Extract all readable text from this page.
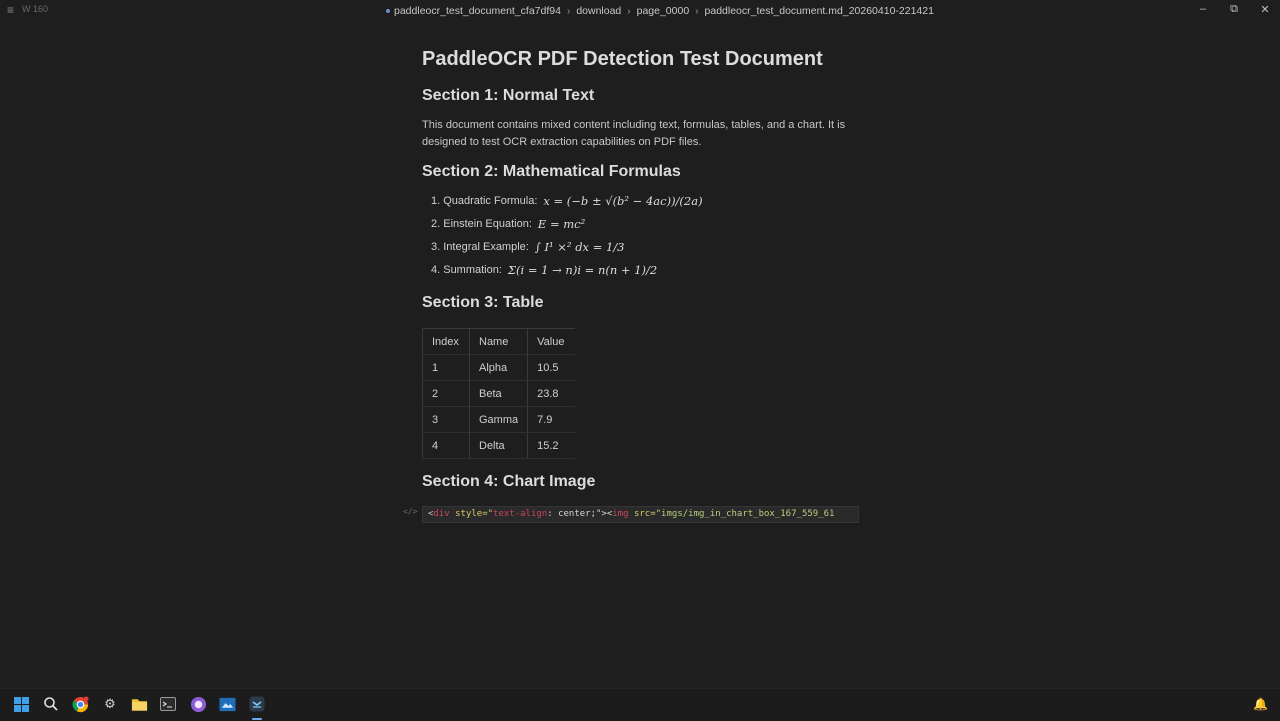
≡ W 160	paddleocr_test_document_cfa7df94 › download › page_0000 › paddleocr_test_document.md_20260410-221421	–	⧉	✕
PaddleOCR PDF Detection Test Document
Section 1: Normal Text
This document contains mixed content including text, formulas, tables, and a chart. It is designed to test OCR extraction capabilities on PDF files.
Section 2: Mathematical Formulas
1. Quadratic Formula: x = (−b ± √(b² − 4ac))/(2a)
2. Einstein Equation: E = mc²
3. Integral Example: ∫ I¹ ×² dx = 1/3
4. Summation: Σ(i = 1 → n)i = n(n + 1)/2
Section 3: Table
Index	Name	Value
1	Alpha	10.5
2	Beta	23.8
3	Gamma	7.9
4	Delta	15.2
Section 4: Chart Image
</>	<div style="text-align: center;"><img src="imgs/img_in_chart_box_167_559_61
⚙	🔔
